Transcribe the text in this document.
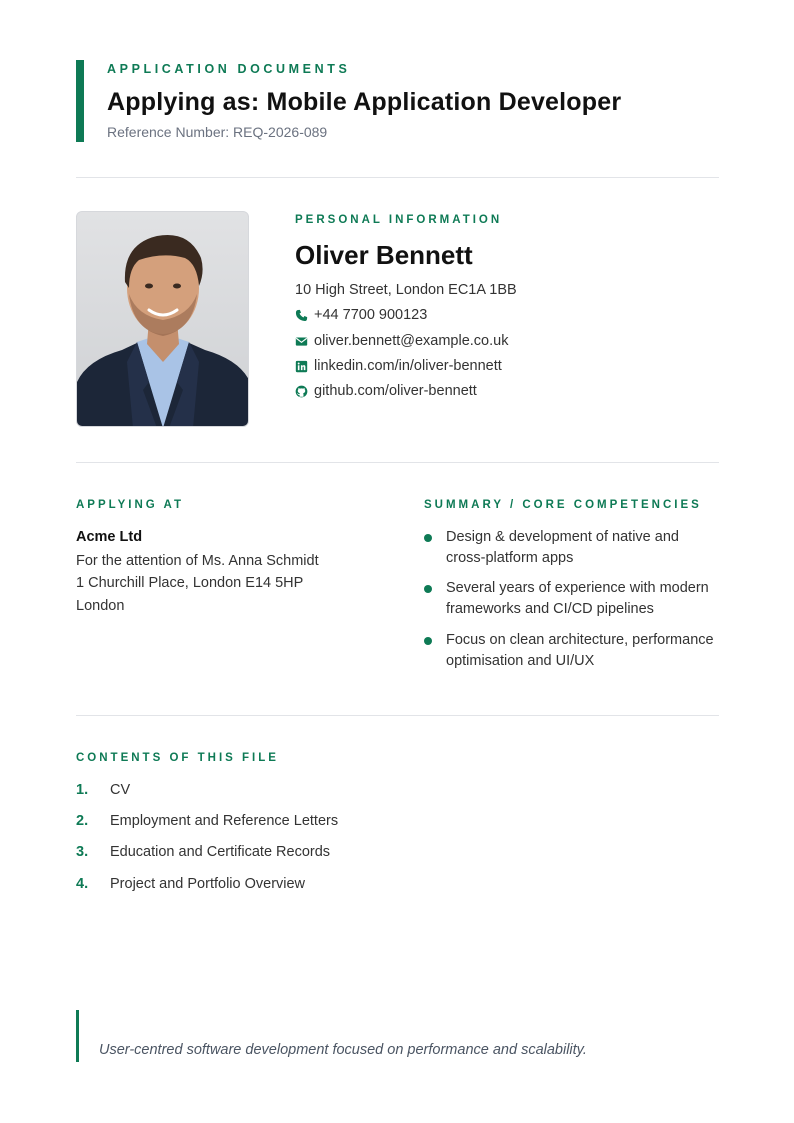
APPLICATION DOCUMENTS
Applying as: Mobile Application Developer
Reference Number: REQ-2026-089
PERSONAL INFORMATION
Oliver Bennett
10 High Street, London EC1A 1BB
+44 7700 900123
oliver.bennett@example.co.uk
linkedin.com/in/oliver-bennett
github.com/oliver-bennett
APPLYING AT
Acme Ltd
For the attention of Ms. Anna Schmidt
1 Churchill Place, London E14 5HP
London
SUMMARY / CORE COMPETENCIES
Design & development of native and cross-platform apps
Several years of experience with modern frameworks and CI/CD pipelines
Focus on clean architecture, performance optimisation and UI/UX
CONTENTS OF THIS FILE
1. CV
2. Employment and Reference Letters
3. Education and Certificate Records
4. Project and Portfolio Overview
User-centred software development focused on performance and scalability.
